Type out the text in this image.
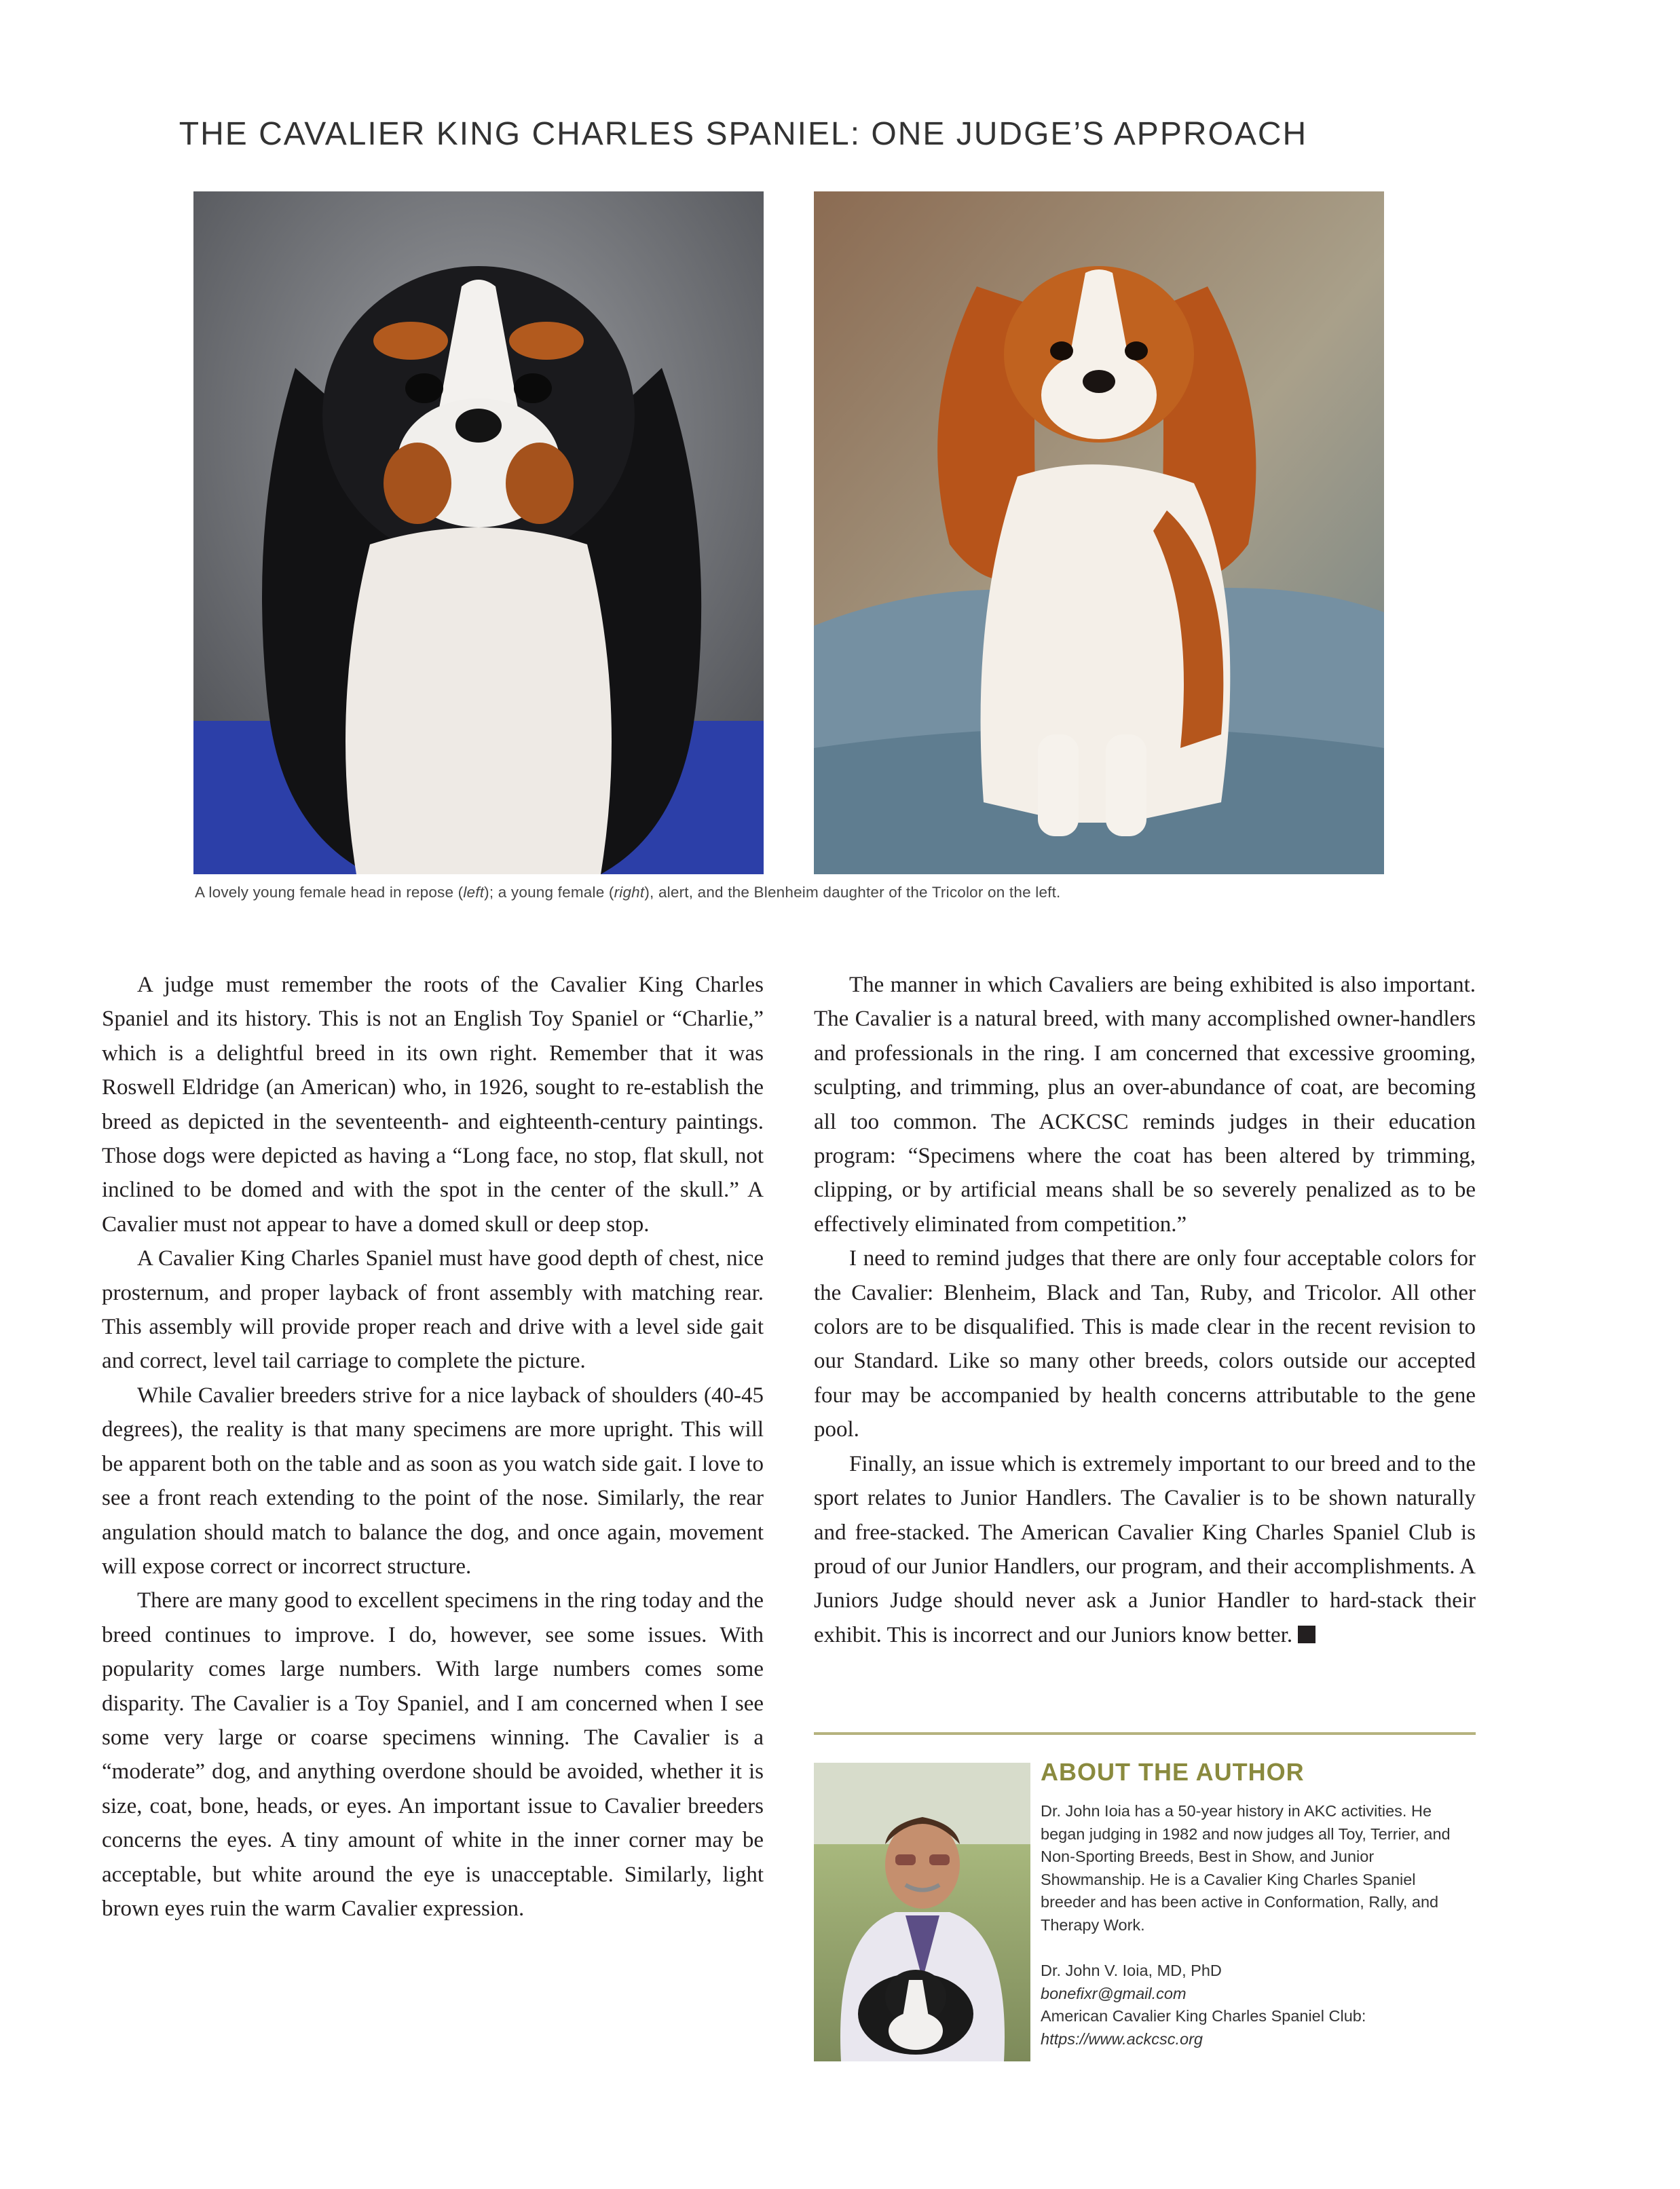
THE CAVALIER KING CHARLES SPANIEL: ONE JUDGE’S APPROACH
A lovely young female head in repose (left); a young female (right), alert, and the Blenheim daughter of the Tricolor on the left.

A judge must remember the roots of the Cavalier King Charles Spaniel and its history. This is not an English Toy Spaniel or “Charlie,” which is a delightful breed in its own right. Remember that it was Roswell Eldridge (an American) who, in 1926, sought to re-establish the breed as depicted in the seventeenth- and eighteenth-century paintings. Those dogs were depicted as having a “Long face, no stop, flat skull, not inclined to be domed and with the spot in the center of the skull.” A Cavalier must not appear to have a domed skull or deep stop.

A Cavalier King Charles Spaniel must have good depth of chest, nice prosternum, and proper layback of front assembly with matching rear. This assembly will provide proper reach and drive with a level side gait and correct, level tail carriage to complete the picture.

While Cavalier breeders strive for a nice layback of shoulders (40-45 degrees), the reality is that many specimens are more upright. This will be apparent both on the table and as soon as you watch side gait. I love to see a front reach extending to the point of the nose. Similarly, the rear angulation should match to balance the dog, and once again, movement will expose correct or incorrect structure.

There are many good to excellent specimens in the ring today and the breed continues to improve. I do, however, see some issues. With popularity comes large numbers. With large numbers comes some disparity. The Cavalier is a Toy Spaniel, and I am concerned when I see some very large or coarse specimens winning. The Cavalier is a “moderate” dog, and anything overdone should be avoided, whether it is size, coat, bone, heads, or eyes. An important issue to Cavalier breeders concerns the eyes. A tiny amount of white in the inner corner may be acceptable, but white around the eye is unacceptable. Similarly, light brown eyes ruin the warm Cavalier expression.

The manner in which Cavaliers are being exhibited is also important. The Cavalier is a natural breed, with many accomplished owner-handlers and professionals in the ring. I am concerned that excessive grooming, sculpting, and trimming, plus an over-abundance of coat, are becoming all too common. The ACKCSC reminds judges in their education program: “Specimens where the coat has been altered by trimming, clipping, or by artificial means shall be so severely penalized as to be effectively eliminated from competition.”

I need to remind judges that there are only four acceptable colors for the Cavalier: Blenheim, Black and Tan, Ruby, and Tricolor. All other colors are to be disqualified. This is made clear in the recent revision to our Standard. Like so many other breeds, colors outside our accepted four may be accompanied by health concerns attributable to the gene pool.

Finally, an issue which is extremely important to our breed and to the sport relates to Junior Handlers. The Cavalier is to be shown naturally and free-stacked. The American Cavalier King Charles Spaniel Club is proud of our Junior Handlers, our program, and their accomplishments. A Juniors Judge should never ask a Junior Handler to hard-stack their exhibit. This is incorrect and our Juniors know better.

ABOUT THE AUTHOR

Dr. John Ioia has a 50-year history in AKC activities. He began judging in 1982 and now judges all Toy, Terrier, and Non-Sporting Breeds, Best in Show, and Junior Showmanship. He is a Cavalier King Charles Spaniel breeder and has been active in Conformation, Rally, and Therapy Work.

Dr. John V. Ioia, MD, PhD
bonefixr@gmail.com
American Cavalier King Charles Spaniel Club:
https://www.ackcsc.org
